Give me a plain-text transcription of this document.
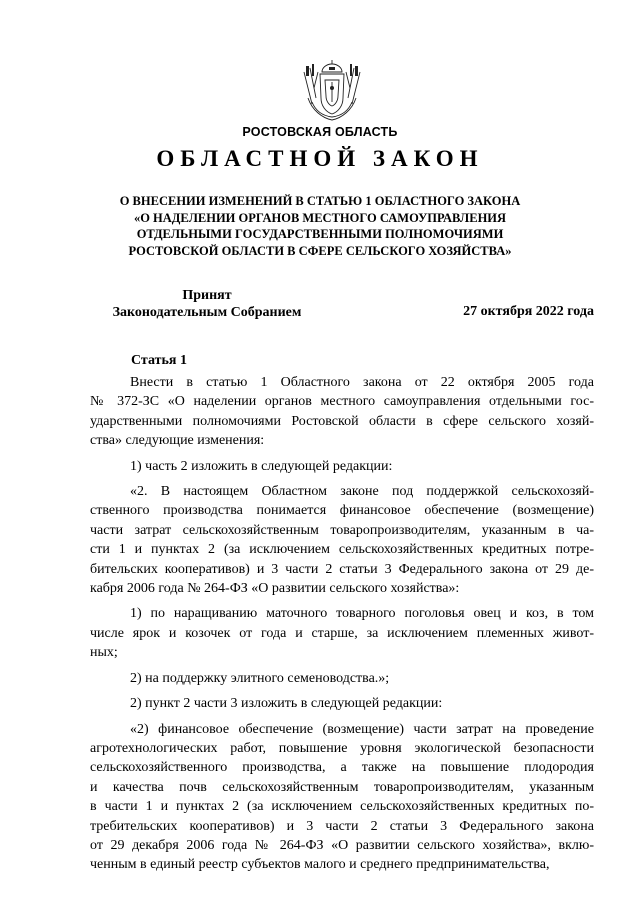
РОСТОВСКАЯ ОБЛАСТЬ
ОБЛАСТНОЙ ЗАКОН
О ВНЕСЕНИИ ИЗМЕНЕНИЙ В СТАТЬЮ 1 ОБЛАСТНОГО ЗАКОНА
«О НАДЕЛЕНИИ ОРГАНОВ МЕСТНОГО САМОУПРАВЛЕНИЯ
ОТДЕЛЬНЫМИ ГОСУДАРСТВЕННЫМИ ПОЛНОМОЧИЯМИ
РОСТОВСКОЙ ОБЛАСТИ В СФЕРЕ СЕЛЬСКОГО ХОЗЯЙСТВА»
Принят
Законодательным Собранием	27 октября 2022 года
Статья 1
Внести в статью 1 Областного закона от 22 октября 2005 года
№ 372-ЗС «О наделении органов местного самоуправления отдельными гос-
ударственными полномочиями Ростовской области в сфере сельского хозяй-
ства» следующие изменения:
1) часть 2 изложить в следующей редакции:
«2. В настоящем Областном законе под поддержкой сельскохозяй-
ственного производства понимается финансовое обеспечение (возмещение)
части затрат сельскохозяйственным товаропроизводителям, указанным в ча-
сти 1 и пунктах 2 (за исключением сельскохозяйственных кредитных потре-
бительских кооперативов) и 3 части 2 статьи 3 Федерального закона от 29 де-
кабря 2006 года № 264-ФЗ «О развитии сельского хозяйства»:
1) по наращиванию маточного товарного поголовья овец и коз, в том
числе ярок и козочек от года и старше, за исключением племенных живот-
ных;
2) на поддержку элитного семеноводства.»;
2) пункт 2 части 3 изложить в следующей редакции:
«2) финансовое обеспечение (возмещение) части затрат на проведение
агротехнологических работ, повышение уровня экологической безопасности
сельскохозяйственного производства, а также на повышение плодородия
и качества почв сельскохозяйственным товаропроизводителям, указанным
в части 1 и пунктах 2 (за исключением сельскохозяйственных кредитных по-
требительских кооперативов) и 3 части 2 статьи 3 Федерального закона
от 29 декабря 2006 года № 264-ФЗ «О развитии сельского хозяйства», вклю-
ченным в единый реестр субъектов малого и среднего предпринимательства,
